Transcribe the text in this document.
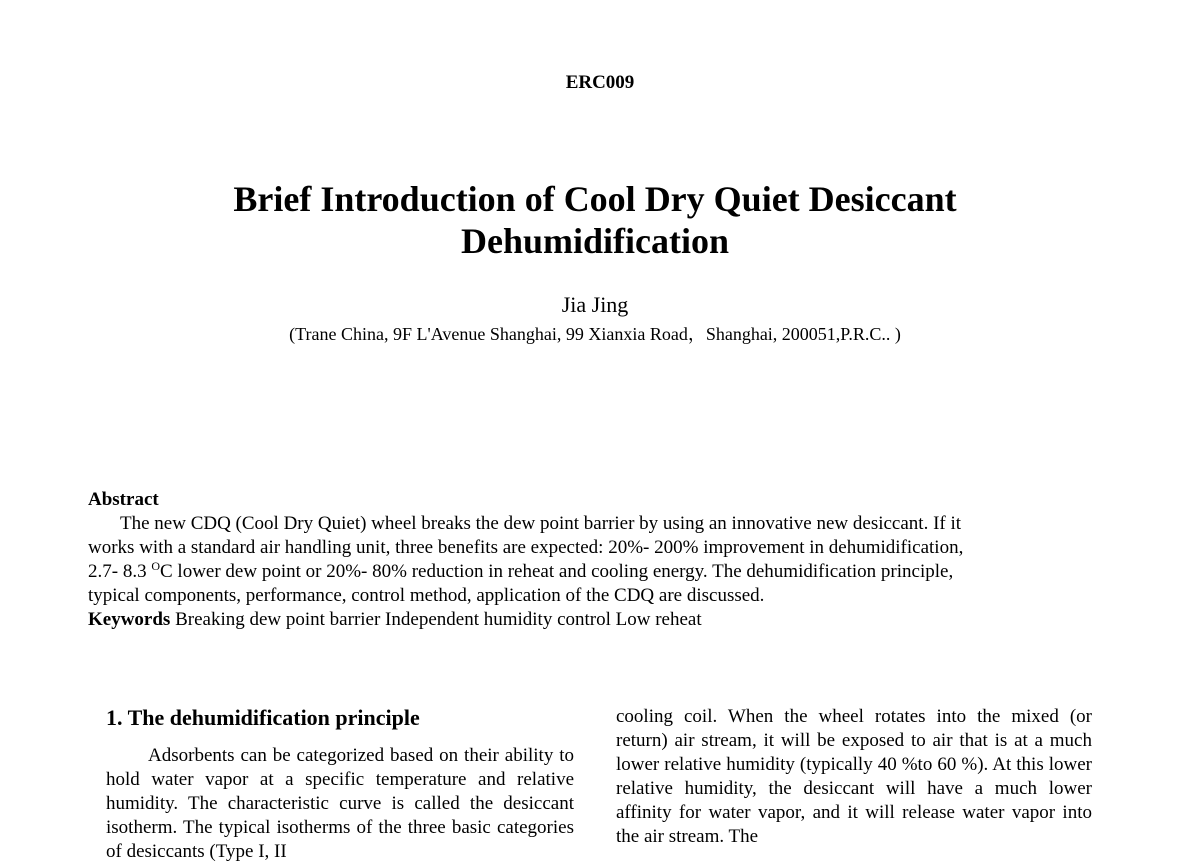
ERC009
Brief Introduction of Cool Dry Quiet Desiccant Dehumidification
Jia Jing
(Trane China, 9F L'Avenue Shanghai, 99 Xianxia Road，Shanghai, 200051,P.R.C.. )
Abstract
The new CDQ (Cool Dry Quiet) wheel breaks the dew point barrier by using an innovative new desiccant. If it
works with a standard air handling unit, three benefits are expected: 20%- 200% improvement in dehumidification,
2.7- 8.3 $^O$C lower dew point or 20%- 80% reduction in reheat and cooling energy. The dehumidification principle,
typical components, performance, control method, application of the CDQ are discussed.
Keywords Breaking dew point barrier Independent humidity control Low reheat
1. The dehumidification principle

Adsorbents can be categorized based on their ability to hold water vapor at a specific temperature and relative humidity. The characteristic curve is called the desiccant isotherm. The typical isotherms of the three basic categories of desiccants (Type I, II

cooling coil. When the wheel rotates into the mixed (or return) air stream, it will be exposed to air that is at a much lower relative humidity (typically 40 %to 60 %). At this lower relative humidity, the desiccant will have a much lower affinity for water vapor, and it will release water vapor into the air stream. The
